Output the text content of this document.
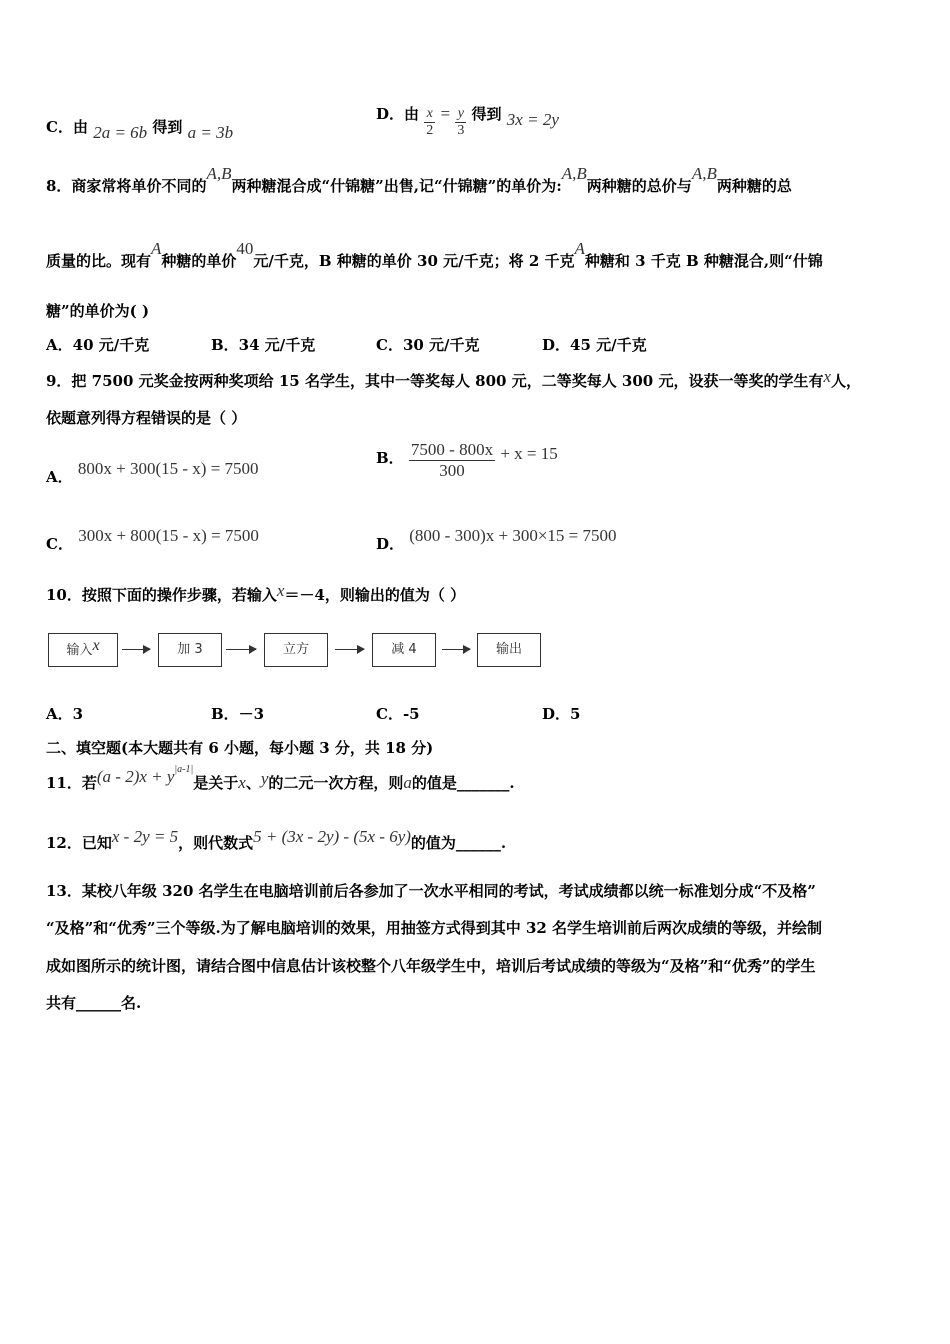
C．由 2a = 6b 得到 a = 3b
D．由 $\frac{x}{2} = \frac{y}{3}$ 得到 3x = 2y
8．商家常将单价不同的A,B两种糖混合成“什锦糖”出售,记“什锦糖”的单价为:A,B两种糖的总价与A,B两种糖的总
质量的比。现有A种糖的单价40元/千克，B 种糖的单价 30 元/千克；将 2 千克A种糖和 3 千克 B 种糖混合,则“什锦
糖”的单价为( )
A．40 元/千克	B．34 元/千克	C．30 元/千克	D．45 元/千克
9．把 7500 元奖金按两种奖项给 15 名学生，其中一等奖每人 800 元，二等奖每人 300 元，设获一等奖的学生有x人，
依题意列得方程错误的是（ ）
A． 800x + 300(15 - x) = 7500
B． $\frac{7500 - 800x}{300} + x = 15$
C． 300x + 800(15 - x) = 7500	D． (800 - 300)x + 300×15 = 7500
10．按照下面的操作步骤，若输入x＝－4，则输出的值为（ ）
输入x	加 3	立方	减 4	输出
A．3	B．－3	C．-5	D．5
二、填空题(本大题共有 6 小题，每小题 3 分，共 18 分)
11．若$(a - 2)x + y^{|a-1|}$是关于x、y的二元一次方程，则a的值是_______.
12．已知x - 2y = 5，则代数式5 + (3x - 2y) - (5x - 6y)的值为______.
13．某校八年级 320 名学生在电脑培训前后各参加了一次水平相同的考试，考试成绩都以统一标准划分成“不及格”
“及格”和“优秀”三个等级.为了解电脑培训的效果，用抽签方式得到其中 32 名学生培训前后两次成绩的等级，并绘制
成如图所示的统计图，请结合图中信息估计该校整个八年级学生中，培训后考试成绩的等级为“及格”和“优秀”的学生
共有______名.
